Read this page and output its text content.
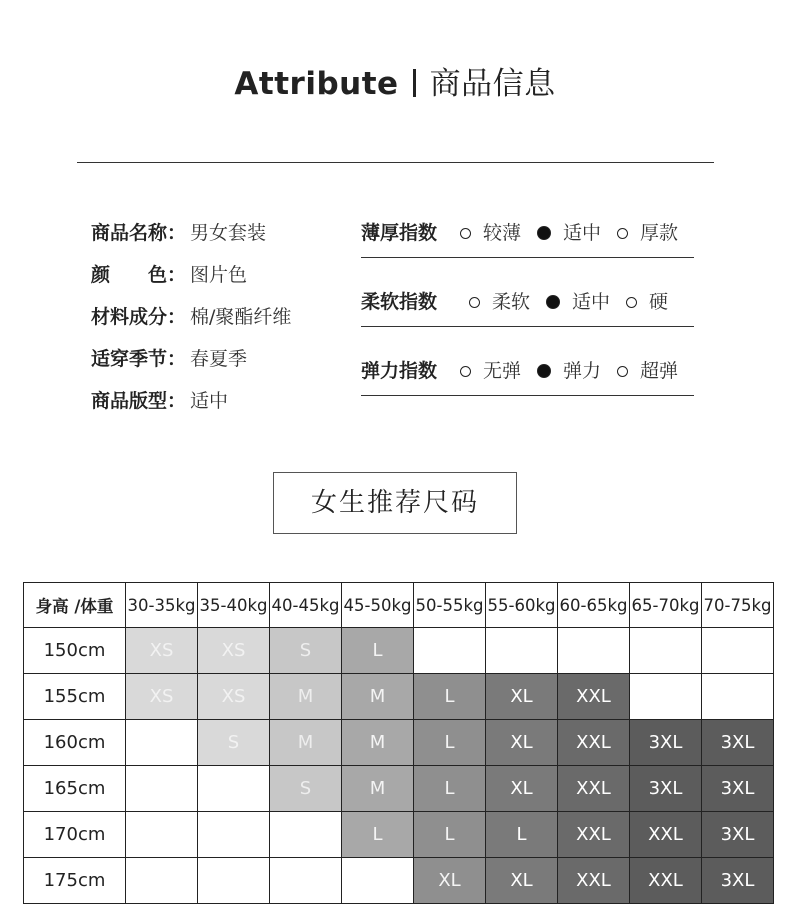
Attribute 商品信息
商品名称： 男女套装
颜　　色： 图片色
材料成分： 棉/聚酯纤维
适穿季节： 春夏季
商品版型： 适中
薄厚指数	较薄 适中 厚款
柔软指数	柔软 适中 硬
弹力指数	无弹 弹力 超弹
女生推荐尺码
身高 /体重	30-35kg	35-40kg	40-45kg	45-50kg	50-55kg	55-60kg	60-65kg	65-70kg	70-75kg
150cm	XS	XS	S	L					
155cm	XS	XS	M	M	L	XL	XXL		
160cm		S	M	M	L	XL	XXL	3XL	3XL
165cm			S	M	L	XL	XXL	3XL	3XL
170cm				L	L	L	XXL	XXL	3XL
175cm					XL	XL	XXL	XXL	3XL
